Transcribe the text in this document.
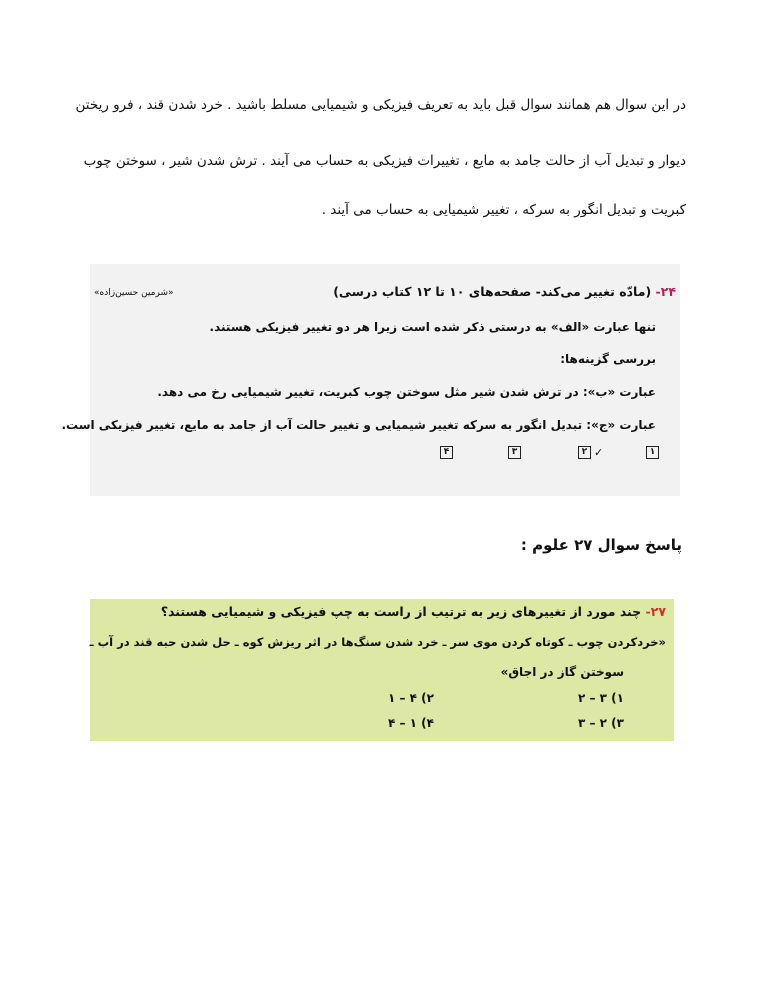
در این سوال هم همانند سوال قبل باید به تعریف فیزیکی و شیمیایی مسلط باشید . خرد شدن قند ، فرو ریختن
دیوار و تبدیل آب از حالت جامد به مایع ، تغییرات فیزیکی به حساب می آیند . ترش شدن شیر ، سوختن چوب
کبریت و تبدیل انگور به سرکه ، تغییر شیمیایی به حساب می آیند .
۲۴- (مادّه تغییر می‌کند- صفحه‌های ۱۰ تا ۱۲ کتاب درسی)
«شرمین حسین‌زاده»
تنها عبارت «الف» به درستی ذکر شده است زیرا هر دو تغییر فیزیکی هستند.
بررسی گزینه‌ها:
عبارت «ب»: در ترش شدن شیر مثل سوختن چوب کبریت، تغییر شیمیایی رخ می دهد.
عبارت «ج»: تبدیل انگور به سرکه تغییر شیمیایی و تغییر حالت آب از جامد به مایع، تغییر فیزیکی است.
۴	۳	۲ ✓	۱
پاسخ سوال ۲۷ علوم :
۲۷- چند مورد از تغییرهای زیر به ترتیب از راست به چپ فیزیکی و شیمیایی هستند؟
«خردکردن چوب ـ کوتاه کردن موی سر ـ خرد شدن سنگ‌ها در اثر ریزش کوه ـ حل شدن حبه قند در آب ـ
سوختن گاز در اجاق»
۱) ۳ – ۲
۲) ۴ – ۱
۳) ۲ – ۳
۴) ۱ – ۴
